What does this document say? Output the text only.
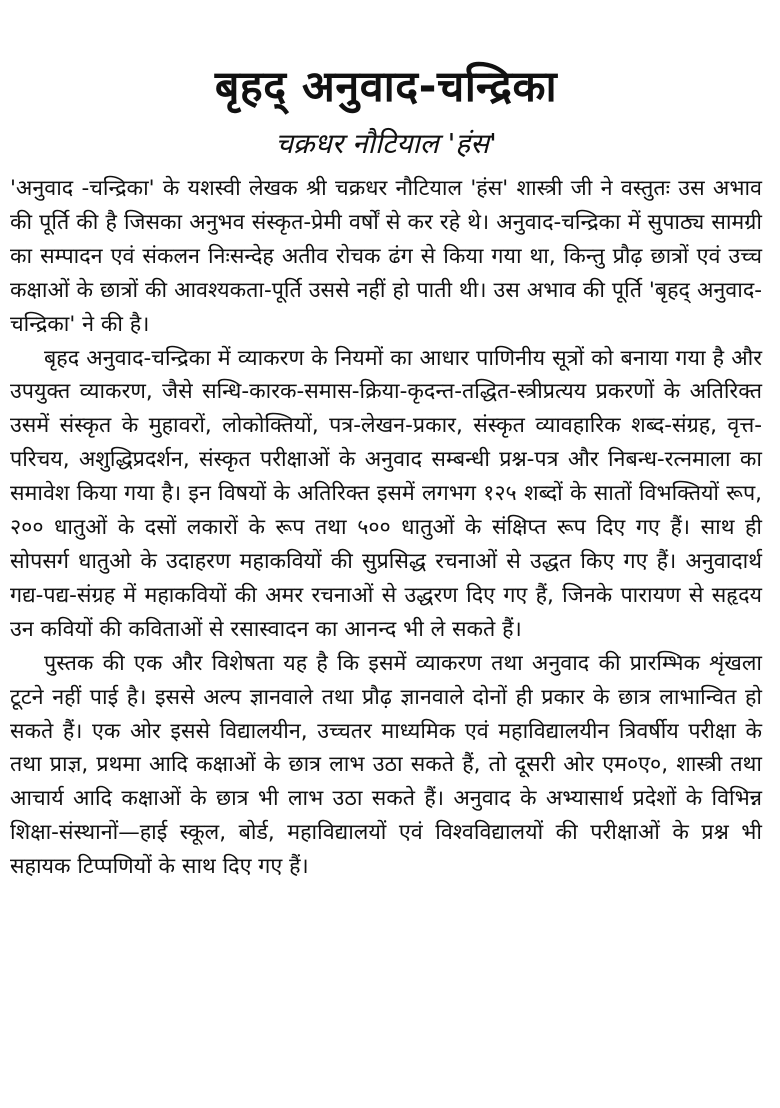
बृहद् अनुवाद-चन्द्रिका
चक्रधर नौटियाल 'हंस'

'अनुवाद -चन्द्रिका' के यशस्वी लेखक श्री चक्रधर नौटियाल 'हंस' शास्त्री जी ने वस्तुतः उस अभाव की पूर्ति की है जिसका अनुभव संस्कृत-प्रेमी वर्षों से कर रहे थे। अनुवाद-चन्द्रिका में सुपाठ्य सामग्री का सम्पादन एवं संकलन निःसन्देह अतीव रोचक ढंग से किया गया था, किन्तु प्रौढ़ छात्रों एवं उच्च कक्षाओं के छात्रों की आवश्यकता-पूर्ति उससे नहीं हो पाती थी। उस अभाव की पूर्ति 'बृहद् अनुवाद-चन्द्रिका' ने की है।

बृहद अनुवाद-चन्द्रिका में व्याकरण के नियमों का आधार पाणिनीय सूत्रों को बनाया गया है और उपयुक्त व्याकरण, जैसे सन्धि-कारक-समास-क्रिया-कृदन्त-तद्धित-स्त्रीप्रत्यय प्रकरणों के अतिरिक्त उसमें संस्कृत के मुहावरों, लोकोक्तियों, पत्र-लेखन-प्रकार, संस्कृत व्यावहारिक शब्द-संग्रह, वृत्त-परिचय, अशुद्धिप्रदर्शन, संस्कृत परीक्षाओं के अनुवाद सम्बन्धी प्रश्न-पत्र और निबन्ध-रत्नमाला का समावेश किया गया है। इन विषयों के अतिरिक्त इसमें लगभग १२५ शब्दों के सातों विभक्तियों रूप, २०० धातुओं के दसों लकारों के रूप तथा ५०० धातुओं के संक्षिप्त रूप दिए गए हैं। साथ ही सोपसर्ग धातुओ के उदाहरण महाकवियों की सुप्रसिद्ध रचनाओं से उद्धत किए गए हैं। अनुवादार्थ गद्य-पद्य-संग्रह में महाकवियों की अमर रचनाओं से उद्धरण दिए गए हैं, जिनके पारायण से सहृदय उन कवियों की कविताओं से रसास्वादन का आनन्द भी ले सकते हैं।

पुस्तक की एक और विशेषता यह है कि इसमें व्याकरण तथा अनुवाद की प्रारम्भिक शृंखला टूटने नहीं पाई है। इससे अल्प ज्ञानवाले तथा प्रौढ़ ज्ञानवाले दोनों ही प्रकार के छात्र लाभान्वित हो सकते हैं। एक ओर इससे विद्यालयीन, उच्चतर माध्यमिक एवं महाविद्यालयीन त्रिवर्षीय परीक्षा के तथा प्राज्ञ, प्रथमा आदि कक्षाओं के छात्र लाभ उठा सकते हैं, तो दूसरी ओर एम०ए०, शास्त्री तथा आचार्य आदि कक्षाओं के छात्र भी लाभ उठा सकते हैं। अनुवाद के अभ्यासार्थ प्रदेशों के विभिन्न शिक्षा-संस्थानों—हाई स्कूल, बोर्ड, महाविद्यालयों एवं विश्वविद्यालयों की परीक्षाओं के प्रश्न भी सहायक टिप्पणियों के साथ दिए गए हैं।
